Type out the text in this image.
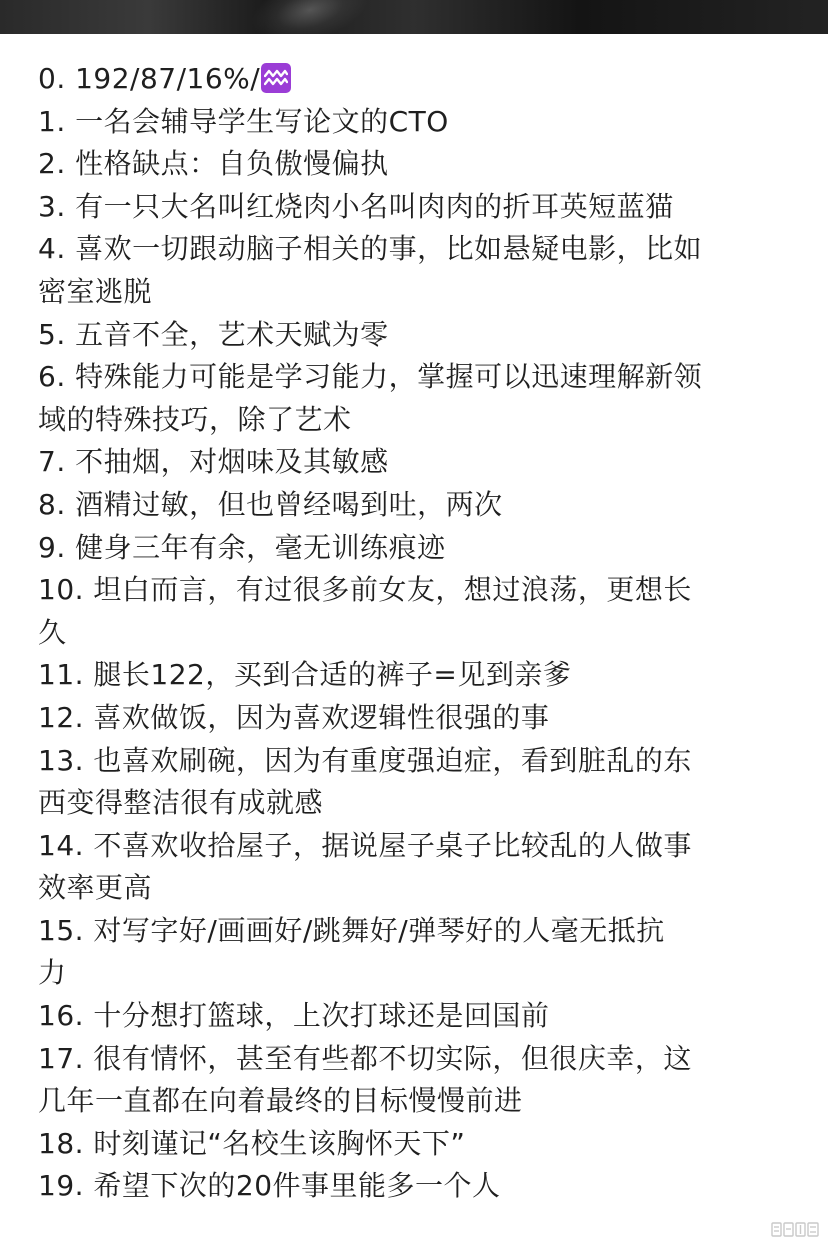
0. 192/87/16%/
1. 一名会辅导学生写论文的CTO
2. 性格缺点：自负傲慢偏执
3. 有一只大名叫红烧肉小名叫肉肉的折耳英短蓝猫
4. 喜欢一切跟动脑子相关的事，比如悬疑电影，比如
密室逃脱
5. 五音不全，艺术天赋为零
6. 特殊能力可能是学习能力，掌握可以迅速理解新领
域的特殊技巧，除了艺术
7. 不抽烟，对烟味及其敏感
8. 酒精过敏，但也曾经喝到吐，两次
9. 健身三年有余，毫无训练痕迹
10. 坦白而言，有过很多前女友，想过浪荡，更想长
久
11. 腿长122，买到合适的裤子=见到亲爹
12. 喜欢做饭，因为喜欢逻辑性很强的事
13. 也喜欢刷碗，因为有重度强迫症，看到脏乱的东
西变得整洁很有成就感
14. 不喜欢收拾屋子，据说屋子桌子比较乱的人做事
效率更高
15. 对写字好/画画好/跳舞好/弹琴好的人毫无抵抗
力
16. 十分想打篮球，上次打球还是回国前
17. 很有情怀，甚至有些都不切实际，但很庆幸，这
几年一直都在向着最终的目标慢慢前进
18. 时刻谨记“名校生该胸怀天下”
19. 希望下次的20件事里能多一个人
